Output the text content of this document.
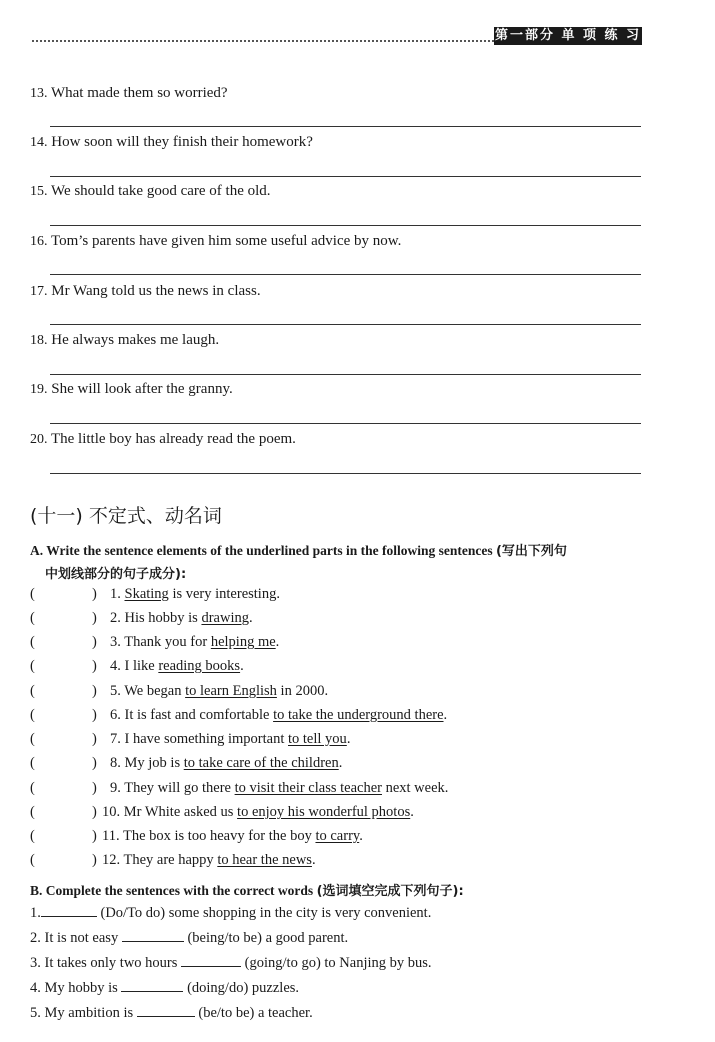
第一部分 单 项 练 习
13. What made them so worried?
14. How soon will they finish their homework?
15. We should take good care of the old.
16. Tom’s parents have given him some useful advice by now.
17. Mr Wang told us the news in class.
18. He always makes me laugh.
19. She will look after the granny.
20. The little boy has already read the poem.
(十一) 不定式、动名词
A. Write the sentence elements of the underlined parts in the following sentences (写出下列句
中划线部分的句子成分):
(	) 1. Skating is very interesting.
(	) 2. His hobby is drawing.
(	) 3. Thank you for helping me.
(	) 4. I like reading books.
(	) 5. We began to learn English in 2000.
(	) 6. It is fast and comfortable to take the underground there.
(	) 7. I have something important to tell you.
(	) 8. My job is to take care of the children.
(	) 9. They will go there to visit their class teacher next week.
(	) 10. Mr White asked us to enjoy his wonderful photos.
(	) 11. The box is too heavy for the boy to carry.
(	) 12. They are happy to hear the news.
B. Complete the sentences with the correct words (选词填空完成下列句子):
1.	(Do/To do) some shopping in the city is very convenient.
2. It is not easy	(being/to be) a good parent.
3. It takes only two hours	(going/to go) to Nanjing by bus.
4. My hobby is	(doing/do) puzzles.
5. My ambition is	(be/to be) a teacher.
